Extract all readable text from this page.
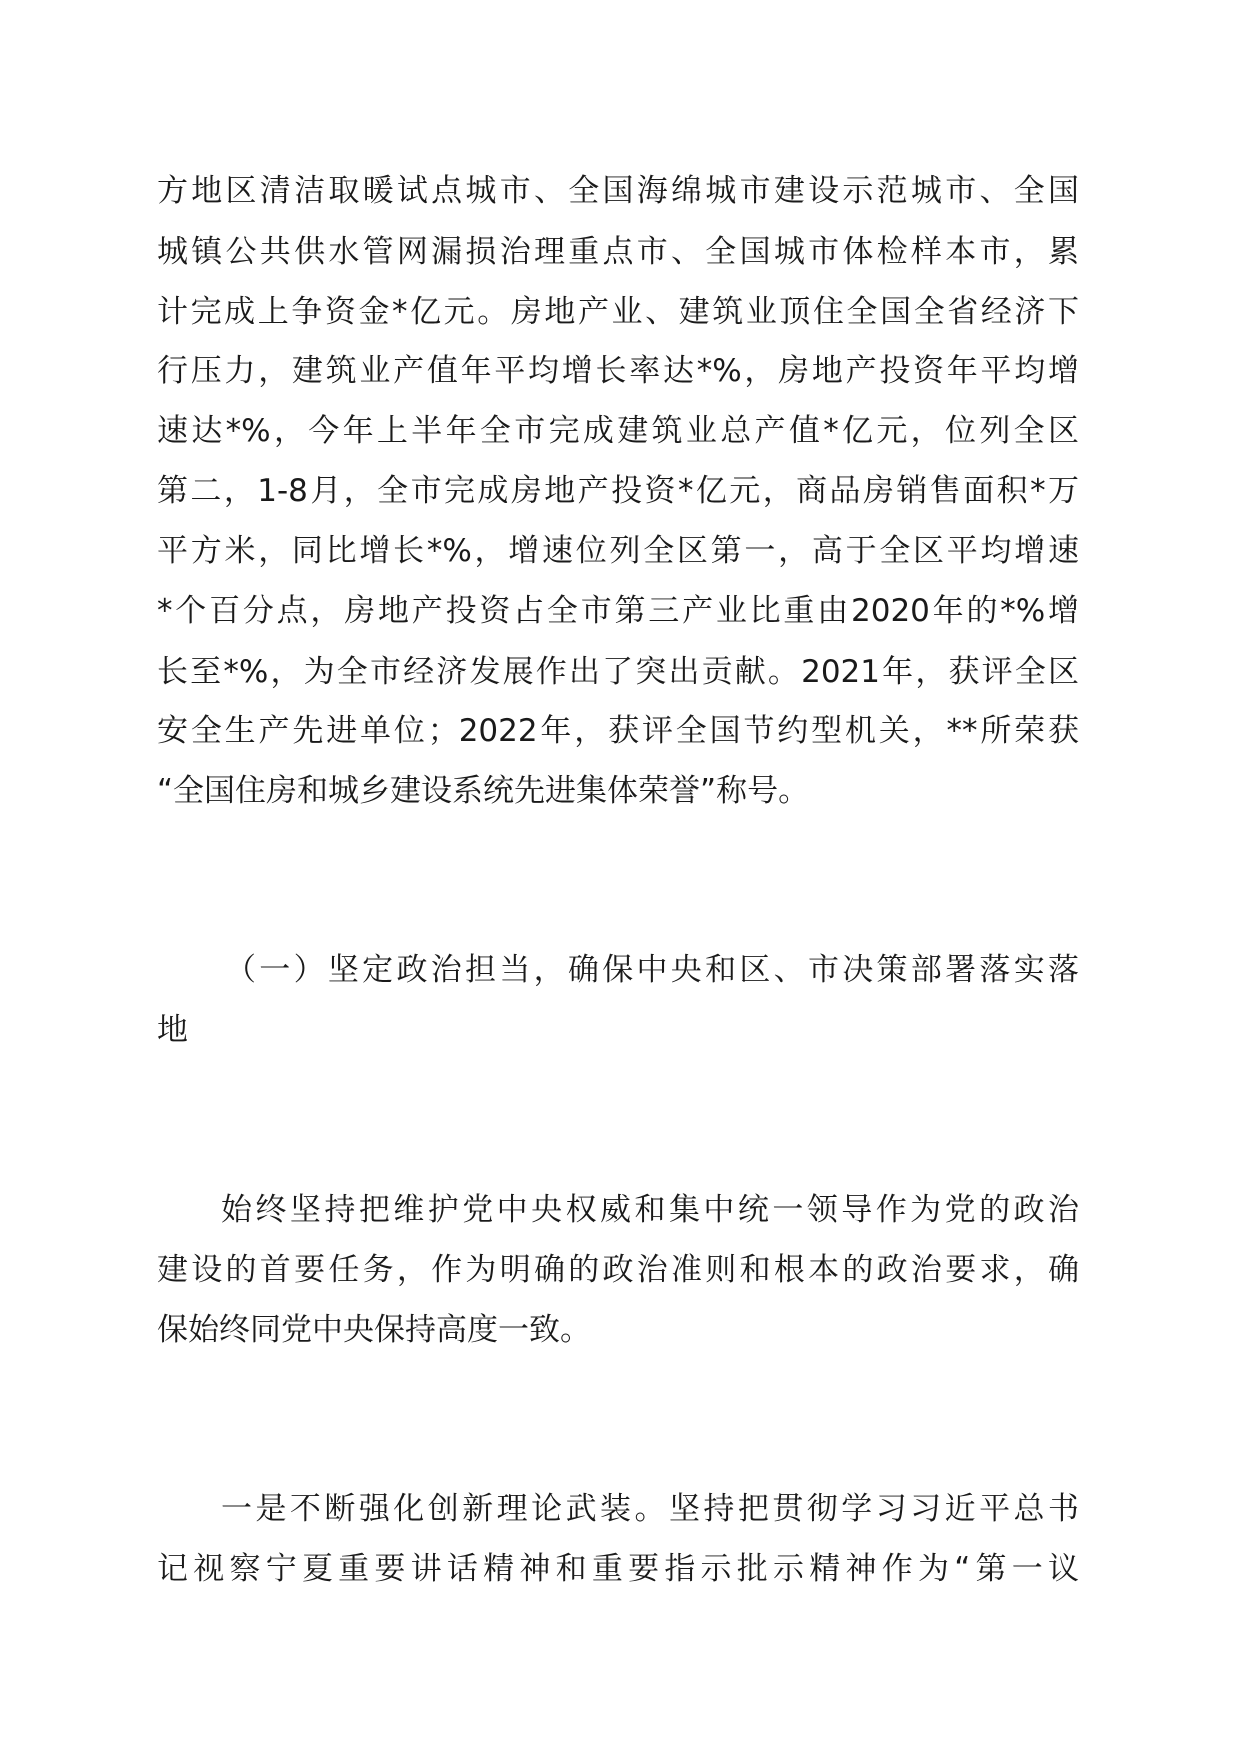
方地区清洁取暖试点城市、全国海绵城市建设示范城市、全国
城镇公共供水管网漏损治理重点市、全国城市体检样本市，累
计完成上争资金*亿元。房地产业、建筑业顶住全国全省经济下
行压力，建筑业产值年平均增长率达*%，房地产投资年平均增
速达*%，今年上半年全市完成建筑业总产值*亿元，位列全区
第二，1-8月，全市完成房地产投资*亿元，商品房销售面积*万
平方米，同比增长*%，增速位列全区第一，高于全区平均增速
*个百分点，房地产投资占全市第三产业比重由2020年的*%增
长至*%，为全市经济发展作出了突出贡献。2021年，获评全区
安全生产先进单位；2022年，获评全国节约型机关，**所荣获
“全国住房和城乡建设系统先进集体荣誉”称号。
（一）坚定政治担当，确保中央和区、市决策部署落实落
地
始终坚持把维护党中央权威和集中统一领导作为党的政治
建设的首要任务，作为明确的政治准则和根本的政治要求，确
保始终同党中央保持高度一致。
一是不断强化创新理论武装。坚持把贯彻学习习近平总书
记视察宁夏重要讲话精神和重要指示批示精神作为“第一议
